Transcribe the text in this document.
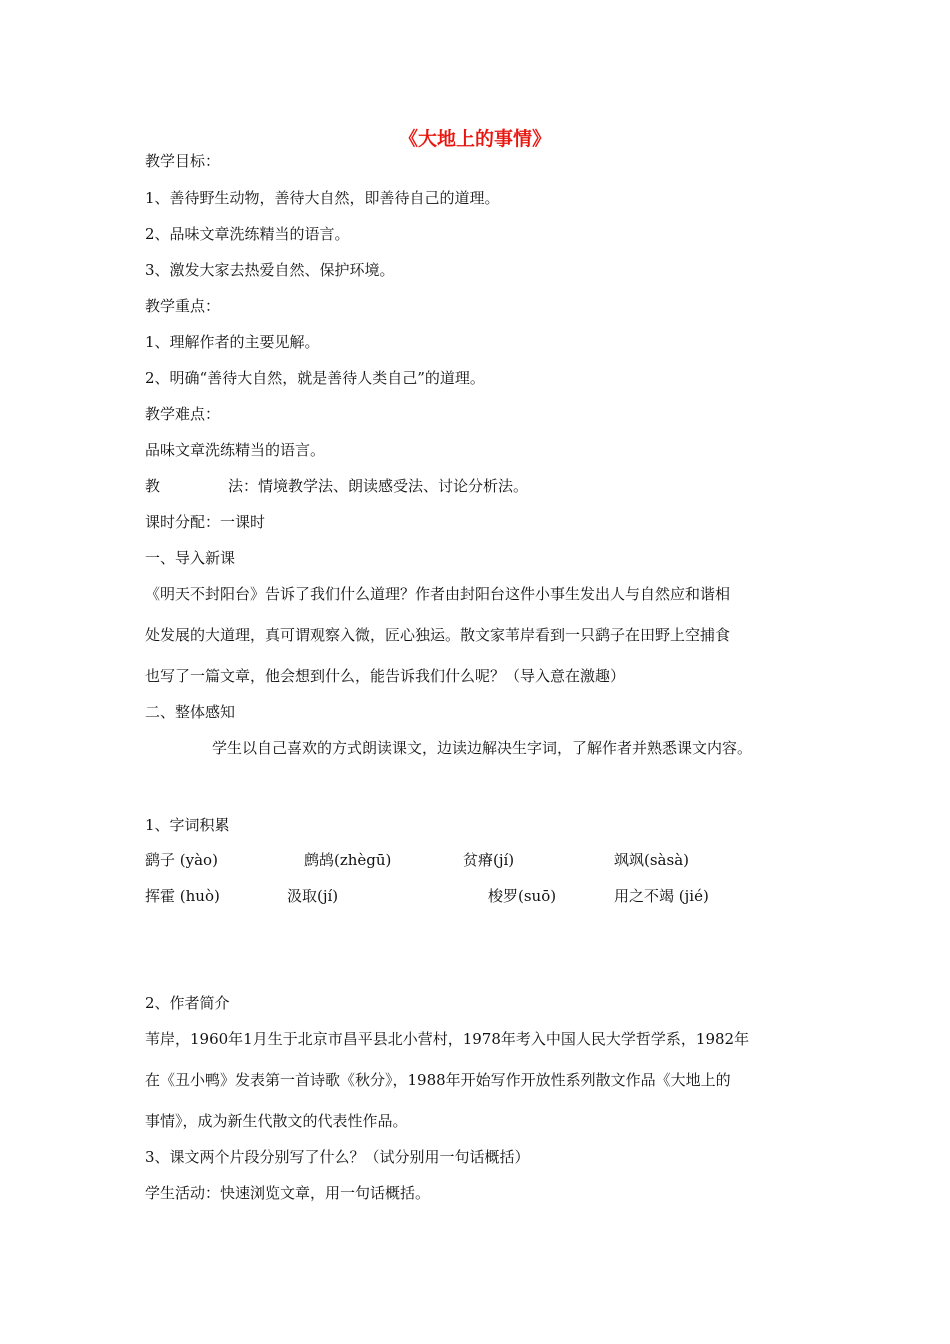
《大地上的事情》
教学目标：
1、善待野生动物，善待大自然，即善待自己的道理。
2、品味文章洗练精当的语言。
3、激发大家去热爱自然、保护环境。
教学重点：
1、理解作者的主要见解。
2、明确“善待大自然，就是善待人类自己”的道理。
教学难点：
品味文章洗练精当的语言。
教	法：情境教学法、朗读感受法、讨论分析法。
课时分配：一课时
一、导入新课
《明天不封阳台》告诉了我们什么道理？作者由封阳台这件小事生发出人与自然应和谐相
处发展的大道理，真可谓观察入微，匠心独运。散文家苇岸看到一只鹞子在田野上空捕食
也写了一篇文章，他会想到什么，能告诉我们什么呢？（导入意在激趣）
二、整体感知
学生以自己喜欢的方式朗读课文，边读边解决生字词，了解作者并熟悉课文内容。
1、字词积累
鹞子 (yào)	鹧鸪(zhègū)	贫瘠(jí)	飒飒(sàsà)
挥霍 (huò)	汲取(jí)	梭罗(suō)	用之不竭 (jié)
2、作者简介
苇岸，1960年1月生于北京市昌平县北小营村，1978年考入中国人民大学哲学系，1982年
在《丑小鸭》发表第一首诗歌《秋分》，1988年开始写作开放性系列散文作品《大地上的
事情》，成为新生代散文的代表性作品。
3、课文两个片段分别写了什么？（试分别用一句话概括）
学生活动：快速浏览文章，用一句话概括。
